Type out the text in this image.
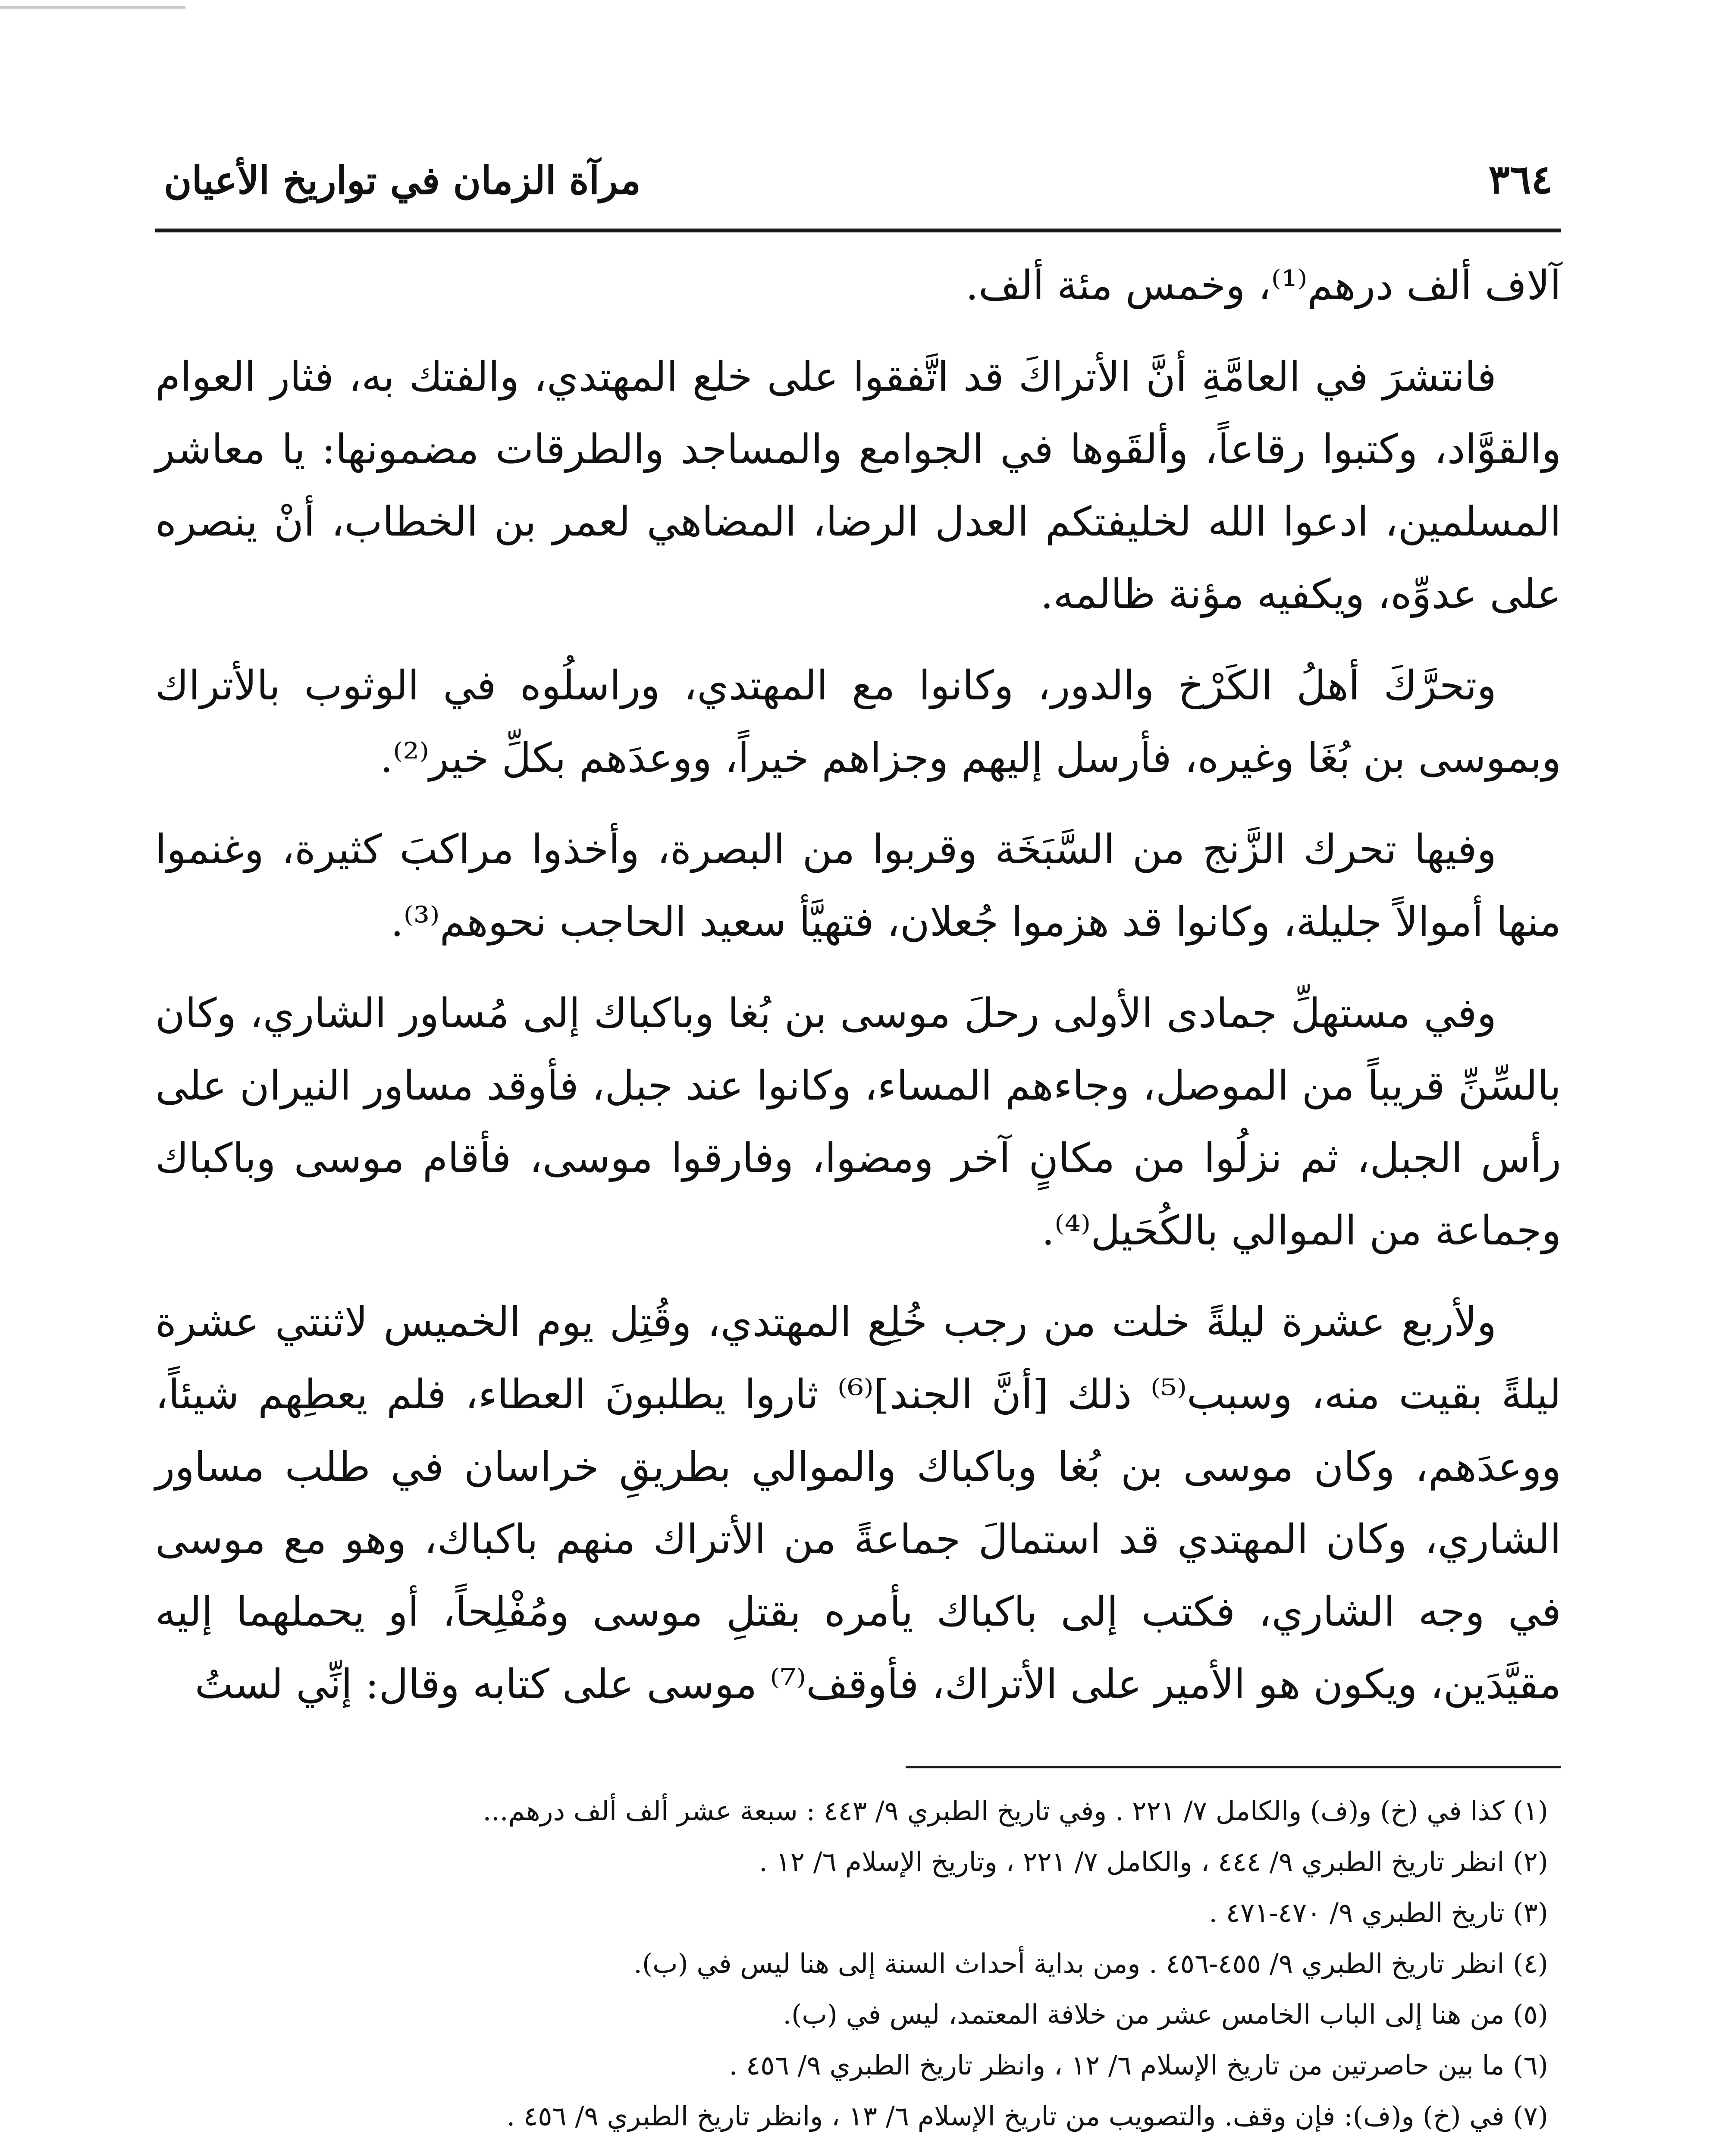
٣٦٤
مرآة الزمان في تواريخ الأعيان

آلاف ألف درهم⁽¹⁾، وخمس مئة ألف.

فانتشرَ في العامَّةِ أنَّ الأتراكَ قد اتَّفقوا على خلع المهتدي، والفتك به، فثار العوام والقوَّاد، وكتبوا رقاعاً، وألقَوها في الجوامع والمساجد والطرقات مضمونها: يا معاشر المسلمين، ادعوا الله لخليفتكم العدل الرضا، المضاهي لعمر بن الخطاب، أنْ ينصره على عدوِّه، ويكفيه مؤنة ظالمه.

وتحرَّكَ أهلُ الكَرْخ والدور، وكانوا مع المهتدي، وراسلُوه في الوثوب بالأتراك وبموسى بن بُغَا وغيره، فأرسل إليهم وجزاهم خيراً، ووعدَهم بكلِّ خير⁽²⁾.

وفيها تحرك الزَّنج من السَّبَخَة وقربوا من البصرة، وأخذوا مراكبَ كثيرة، وغنموا منها أموالاً جليلة، وكانوا قد هزموا جُعلان، فتهيَّأ سعيد الحاجب نحوهم⁽³⁾.

وفي مستهلِّ جمادى الأولى رحلَ موسى بن بُغا وباكباك إلى مُساور الشاري، وكان بالسِّنِّ قريباً من الموصل، وجاءهم المساء، وكانوا عند جبل، فأوقد مساور النيران على رأس الجبل، ثم نزلُوا من مكانٍ آخر ومضوا، وفارقوا موسى، فأقام موسى وباكباك وجماعة من الموالي بالكُحَيل⁽⁴⁾.

ولأربع عشرة ليلةً خلت من رجب خُلِع المهتدي، وقُتِل يوم الخميس لاثنتي عشرة ليلةً بقيت منه، وسبب⁽⁵⁾ ذلك [أنَّ الجند]⁽⁶⁾ ثاروا يطلبونَ العطاء، فلم يعطِهم شيئاً، ووعدَهم، وكان موسى بن بُغا وباكباك والموالي بطريقِ خراسان في طلب مساور الشاري، وكان المهتدي قد استمالَ جماعةً من الأتراك منهم باكباك، وهو مع موسى في وجه الشاري، فكتب إلى باكباك يأمره بقتلِ موسى ومُفْلِحاً، أو يحملهما إليه مقيَّدَين، ويكون هو الأمير على الأتراك، فأوقف⁽⁷⁾ موسى على كتابه وقال: إنِّي لستُ

(١) كذا في (خ) و(ف) والكامل ٧/ ٢٢١ . وفي تاريخ الطبري ٩/ ٤٤٣ : سبعة عشر ألف ألف درهم...

(٢) انظر تاريخ الطبري ٩/ ٤٤٤ ، والكامل ٧/ ٢٢١ ، وتاريخ الإسلام ٦/ ١٢ .

(٣) تاريخ الطبري ٩/ ٤٧٠-٤٧١ .

(٤) انظر تاريخ الطبري ٩/ ٤٥٥-٤٥٦ . ومن بداية أحداث السنة إلى هنا ليس في (ب).

(٥) من هنا إلى الباب الخامس عشر من خلافة المعتمد، ليس في (ب).

(٦) ما بين حاصرتين من تاريخ الإسلام ٦/ ١٢ ، وانظر تاريخ الطبري ٩/ ٤٥٦ .

(٧) في (خ) و(ف): فإن وقف. والتصويب من تاريخ الإسلام ٦/ ١٣ ، وانظر تاريخ الطبري ٩/ ٤٥٦ .
